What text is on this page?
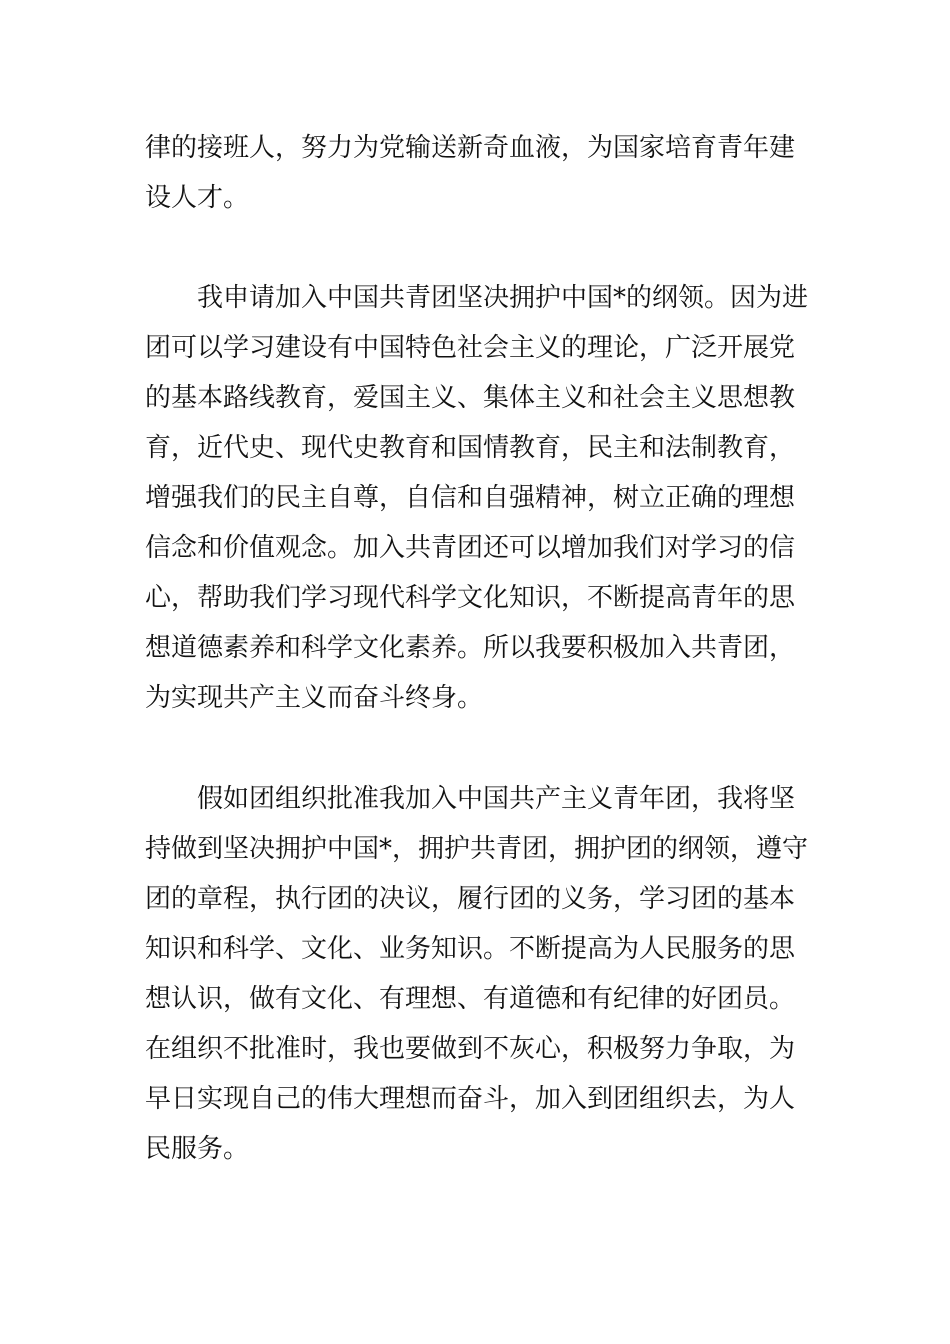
律的接班人，努力为党输送新奇血液，为国家培育青年建

设人才。

我申请加入中国共青团坚决拥护中国*的纲领。因为进

团可以学习建设有中国特色社会主义的理论，广泛开展党

的基本路线教育，爱国主义、集体主义和社会主义思想教

育，近代史、现代史教育和国情教育，民主和法制教育，

增强我们的民主自尊，自信和自强精神，树立正确的理想

信念和价值观念。加入共青团还可以增加我们对学习的信

心，帮助我们学习现代科学文化知识，不断提高青年的思

想道德素养和科学文化素养。所以我要积极加入共青团，

为实现共产主义而奋斗终身。

假如团组织批准我加入中国共产主义青年团，我将坚

持做到坚决拥护中国*，拥护共青团，拥护团的纲领，遵守

团的章程，执行团的决议，履行团的义务，学习团的基本

知识和科学、文化、业务知识。不断提高为人民服务的思

想认识，做有文化、有理想、有道德和有纪律的好团员。

在组织不批准时，我也要做到不灰心，积极努力争取，为

早日实现自己的伟大理想而奋斗，加入到团组织去，为人

民服务。
